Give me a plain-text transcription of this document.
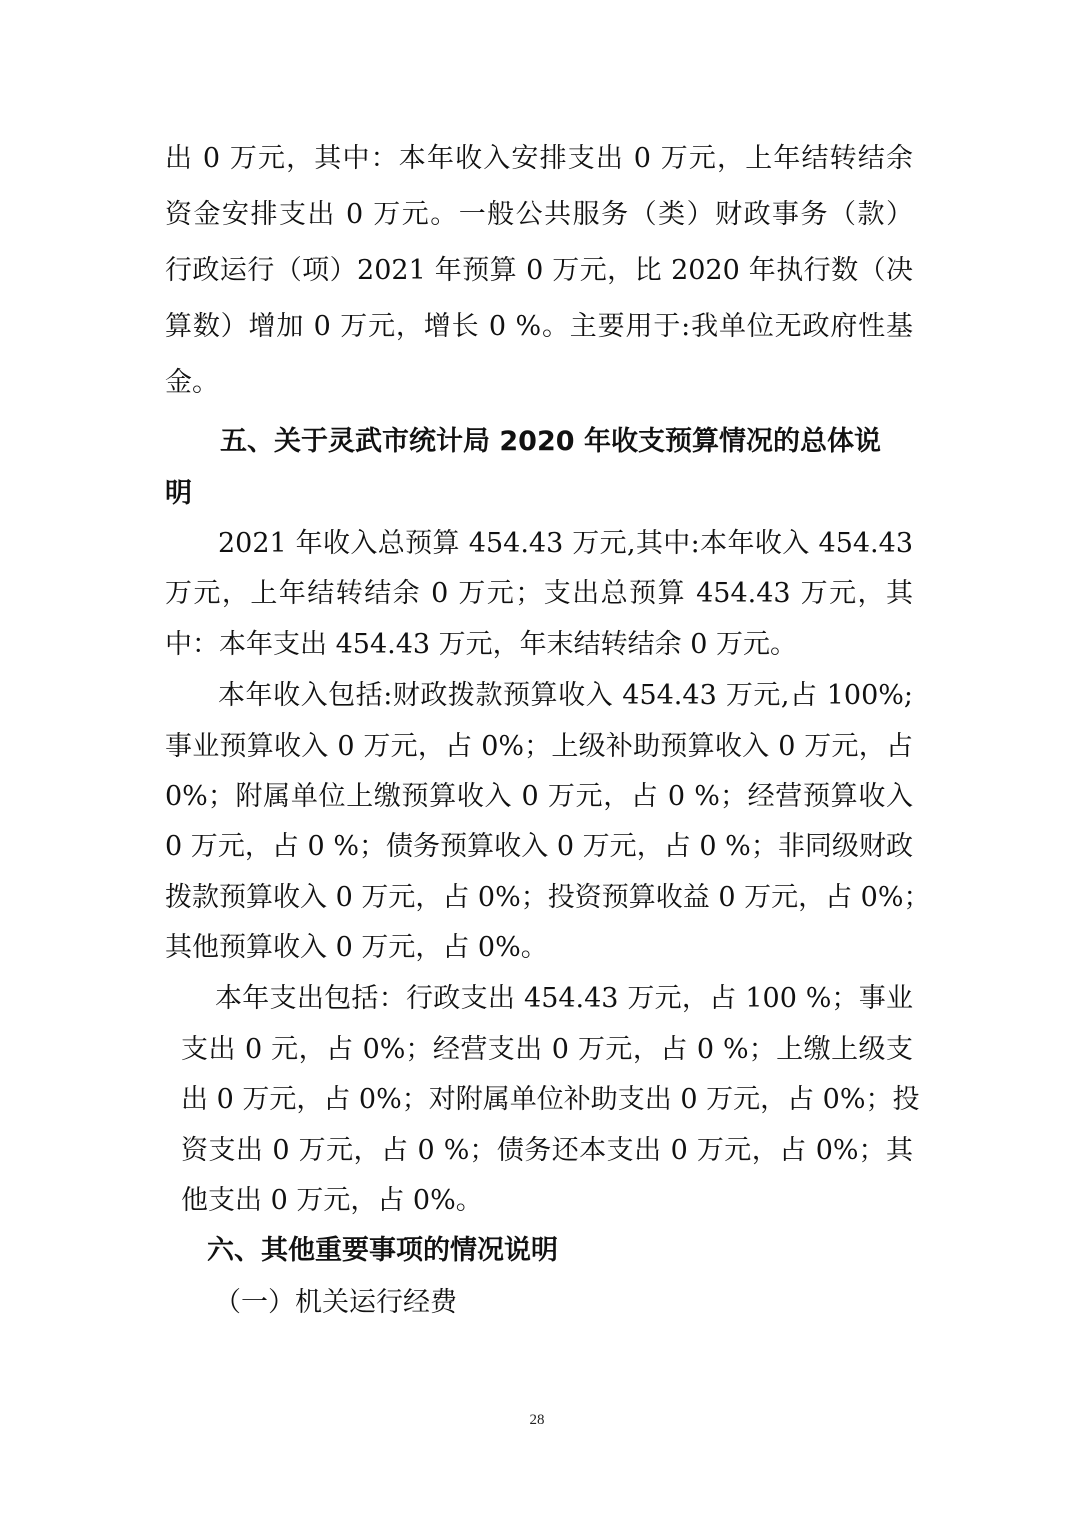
出 0 万元，其中：本年收入安排支出 0 万元，上年结转结余
资金安排支出 0 万元。一般公共服务（类）财政事务（款）
行政运行（项）2021 年预算 0 万元，比 2020 年执行数（决
算数）增加 0 万元，增长 0 %。主要用于:我单位无政府性基
金。
五、关于灵武市统计局 2020 年收支预算情况的总体说
明
2021 年收入总预算 454.43 万元,其中:本年收入 454.43
万元，上年结转结余 0 万元；支出总预算 454.43 万元，其
中：本年支出 454.43 万元，年末结转结余 0 万元。
本年收入包括:财政拨款预算收入 454.43 万元,占 100%;
事业预算收入 0 万元，占 0%；上级补助预算收入 0 万元，占
0%；附属单位上缴预算收入 0 万元，占 0 %；经营预算收入
0 万元，占 0 %；债务预算收入 0 万元，占 0 %；非同级财政
拨款预算收入 0 万元，占 0%；投资预算收益 0 万元，占 0%；
其他预算收入 0 万元，占 0%。
本年支出包括：行政支出 454.43 万元，占 100 %；事业
支出 0 元，占 0%；经营支出 0 万元，占 0 %；上缴上级支
出 0 万元，占 0%；对附属单位补助支出 0 万元，占 0%；投
资支出 0 万元，占 0 %；债务还本支出 0 万元，占 0%；其
他支出 0 万元，占 0%。
六、其他重要事项的情况说明
（一）机关运行经费
28
